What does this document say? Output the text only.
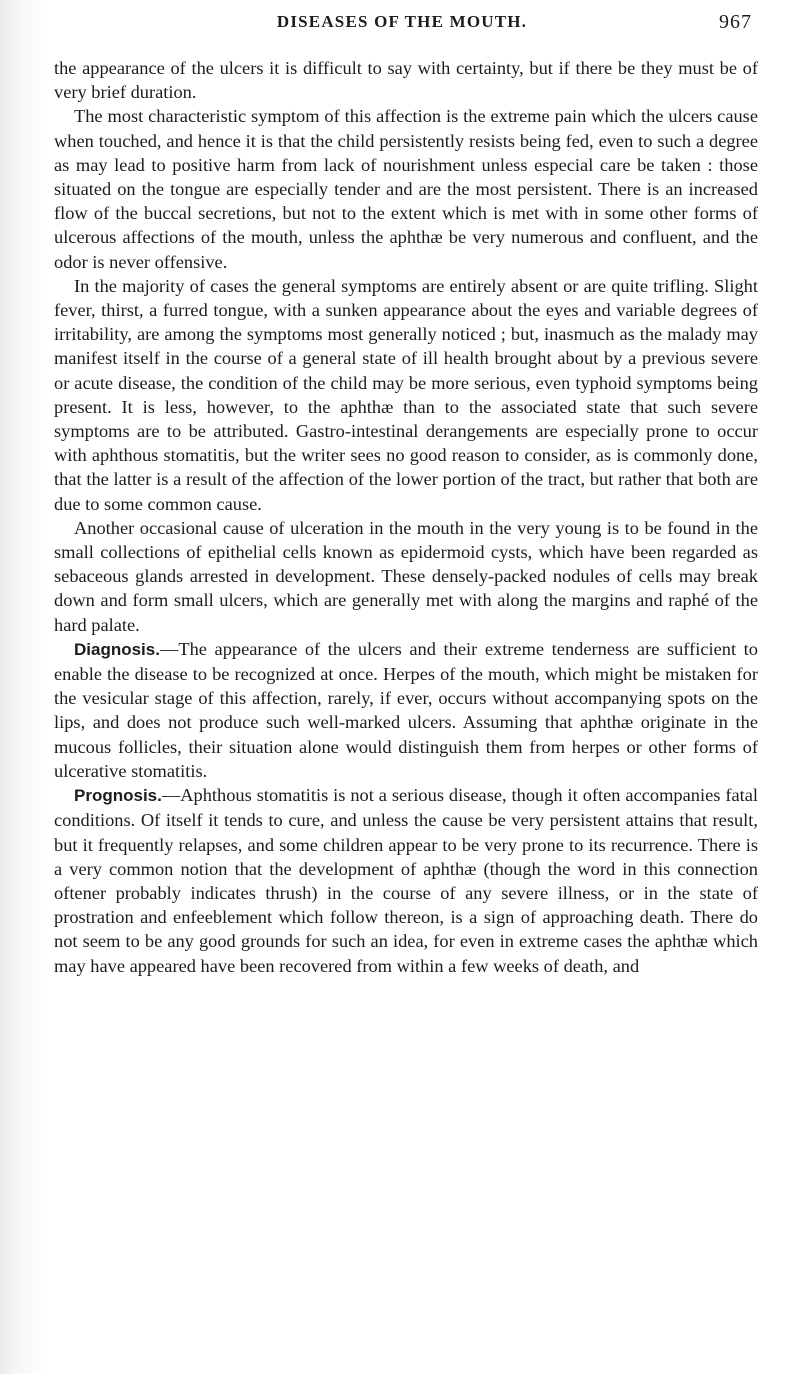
DISEASES OF THE MOUTH.	967

the appearance of the ulcers it is difficult to say with certainty, but if there be they must be of very brief duration.

The most characteristic symptom of this affection is the extreme pain which the ulcers cause when touched, and hence it is that the child persistently resists being fed, even to such a degree as may lead to positive harm from lack of nourishment unless especial care be taken : those situated on the tongue are especially tender and are the most persistent. There is an increased flow of the buccal secretions, but not to the extent which is met with in some other forms of ulcerous affections of the mouth, unless the aphthæ be very numerous and confluent, and the odor is never offensive.

In the majority of cases the general symptoms are entirely absent or are quite trifling. Slight fever, thirst, a furred tongue, with a sunken appearance about the eyes and variable degrees of irritability, are among the symptoms most generally noticed ; but, inasmuch as the malady may manifest itself in the course of a general state of ill health brought about by a previous severe or acute disease, the condition of the child may be more serious, even typhoid symptoms being present. It is less, however, to the aphthæ than to the associated state that such severe symptoms are to be attributed. Gastro-intestinal derangements are especially prone to occur with aphthous stomatitis, but the writer sees no good reason to consider, as is commonly done, that the latter is a result of the affection of the lower portion of the tract, but rather that both are due to some common cause.

Another occasional cause of ulceration in the mouth in the very young is to be found in the small collections of epithelial cells known as epidermoid cysts, which have been regarded as sebaceous glands arrested in development. These densely-packed nodules of cells may break down and form small ulcers, which are generally met with along the margins and raphé of the hard palate.

Diagnosis.—The appearance of the ulcers and their extreme tenderness are sufficient to enable the disease to be recognized at once. Herpes of the mouth, which might be mistaken for the vesicular stage of this affection, rarely, if ever, occurs without accompanying spots on the lips, and does not produce such well-marked ulcers. Assuming that aphthæ originate in the mucous follicles, their situation alone would distinguish them from herpes or other forms of ulcerative stomatitis.

Prognosis.—Aphthous stomatitis is not a serious disease, though it often accompanies fatal conditions. Of itself it tends to cure, and unless the cause be very persistent attains that result, but it frequently relapses, and some children appear to be very prone to its recurrence. There is a very common notion that the development of aphthæ (though the word in this connection oftener probably indicates thrush) in the course of any severe illness, or in the state of prostration and enfeeblement which follow thereon, is a sign of approaching death. There do not seem to be any good grounds for such an idea, for even in extreme cases the aphthæ which may have appeared have been recovered from within a few weeks of death, and
